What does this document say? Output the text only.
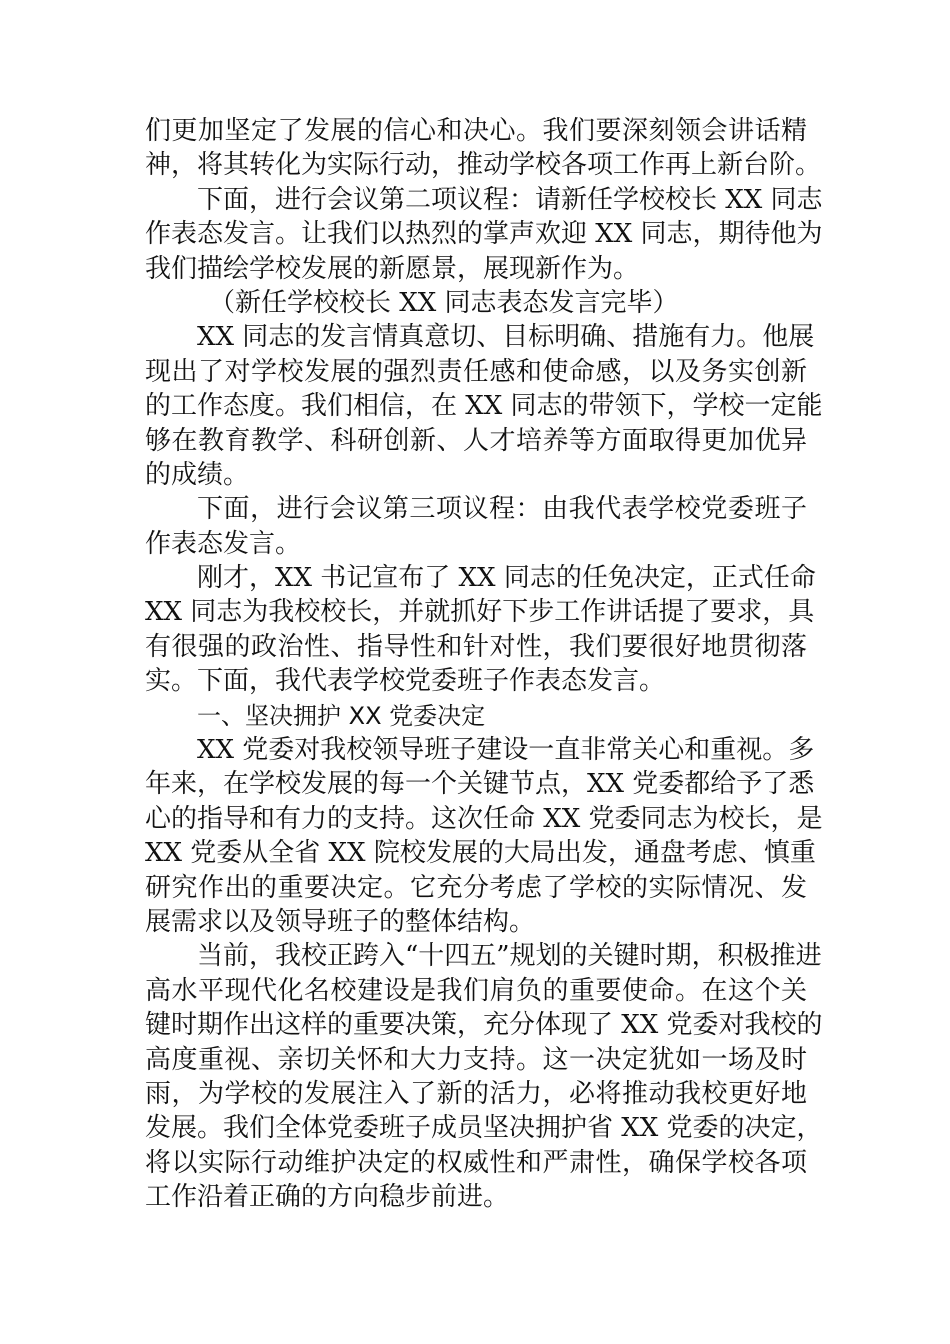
们更加坚定了发展的信心和决心。我们要深刻领会讲话精
神，将其转化为实际行动，推动学校各项工作再上新台阶。
下面，进行会议第二项议程：请新任学校校长 XX 同志
作表态发言。让我们以热烈的掌声欢迎 XX 同志，期待他为
我们描绘学校发展的新愿景，展现新作为。
（新任学校校长 XX 同志表态发言完毕）
XX 同志的发言情真意切、目标明确、措施有力。他展
现出了对学校发展的强烈责任感和使命感，以及务实创新
的工作态度。我们相信，在 XX 同志的带领下，学校一定能
够在教育教学、科研创新、人才培养等方面取得更加优异
的成绩。
下面，进行会议第三项议程：由我代表学校党委班子
作表态发言。
刚才，XX 书记宣布了 XX 同志的任免决定，正式任命
XX 同志为我校校长，并就抓好下步工作讲话提了要求，具
有很强的政治性、指导性和针对性，我们要很好地贯彻落
实。下面，我代表学校党委班子作表态发言。
一、坚决拥护 XX 党委决定
XX 党委对我校领导班子建设一直非常关心和重视。多
年来，在学校发展的每一个关键节点，XX 党委都给予了悉
心的指导和有力的支持。这次任命 XX 党委同志为校长，是
XX 党委从全省 XX 院校发展的大局出发，通盘考虑、慎重
研究作出的重要决定。它充分考虑了学校的实际情况、发
展需求以及领导班子的整体结构。
当前，我校正跨入“十四五”规划的关键时期，积极推进
高水平现代化名校建设是我们肩负的重要使命。在这个关
键时期作出这样的重要决策，充分体现了 XX 党委对我校的
高度重视、亲切关怀和大力支持。这一决定犹如一场及时
雨，为学校的发展注入了新的活力，必将推动我校更好地
发展。我们全体党委班子成员坚决拥护省 XX 党委的决定，
将以实际行动维护决定的权威性和严肃性，确保学校各项
工作沿着正确的方向稳步前进。
